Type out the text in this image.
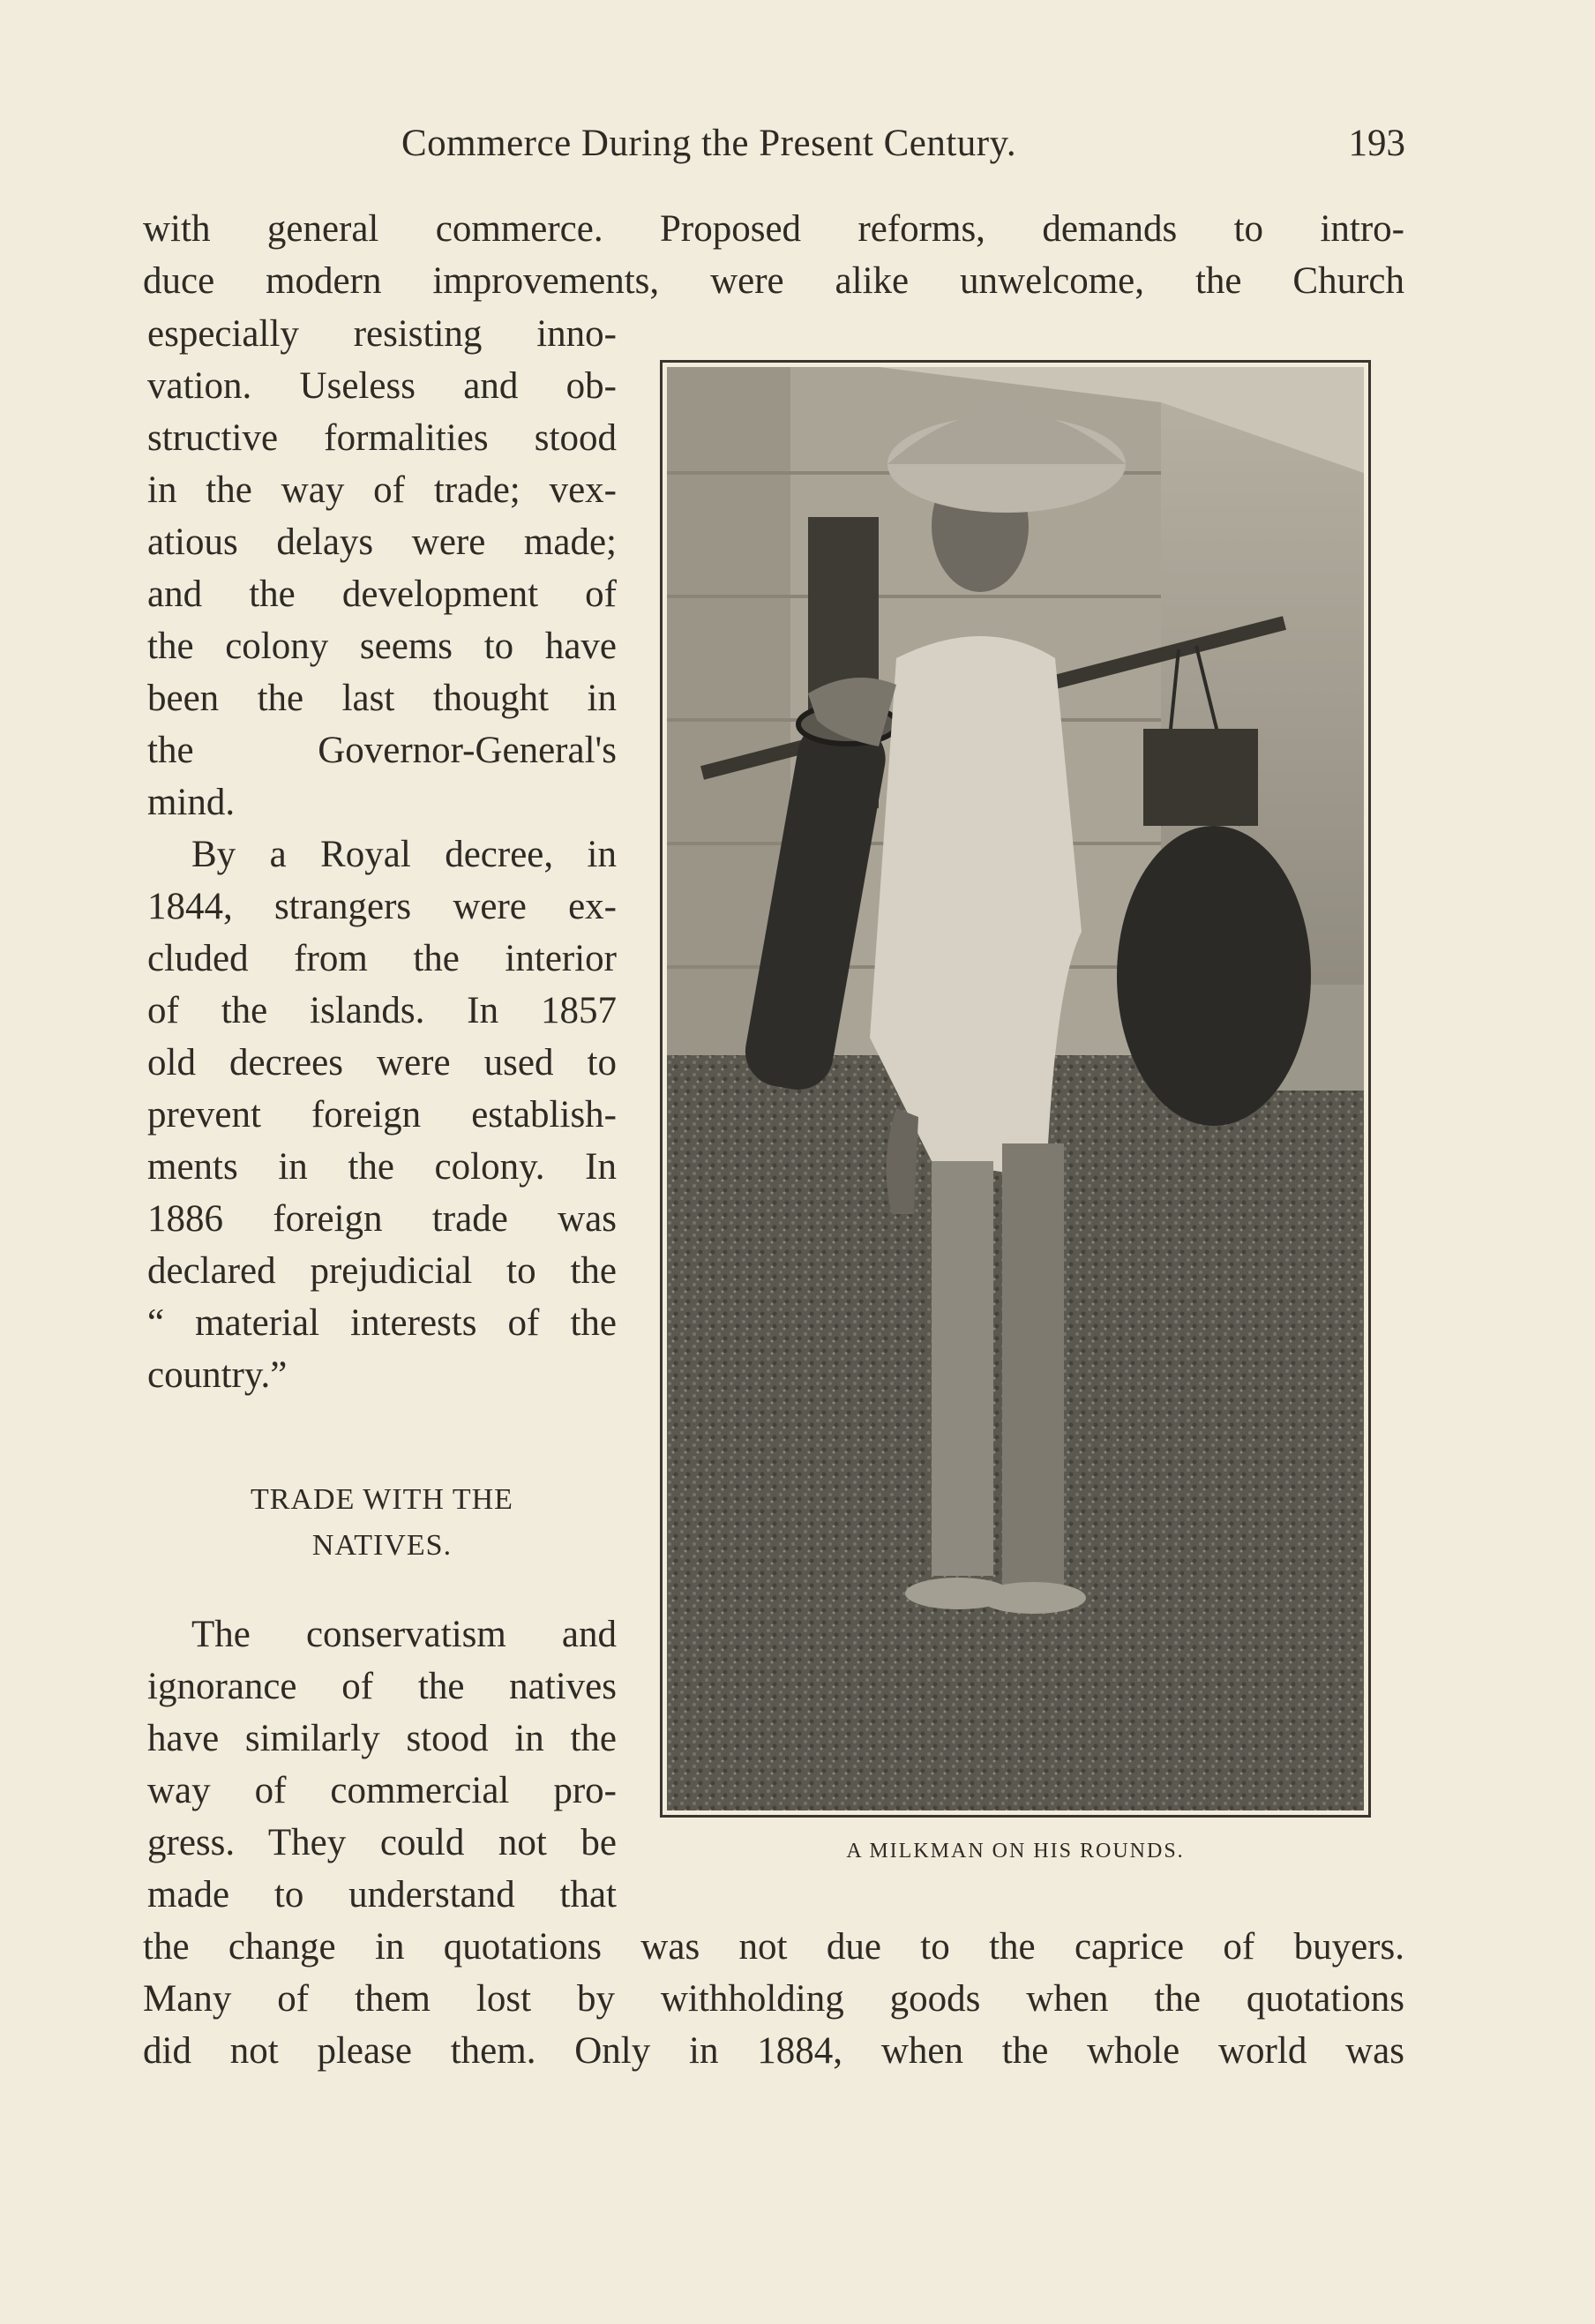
Commerce During the Present Century.	193
with general commerce. Proposed reforms, demands to intro-
duce modern improvements, were alike unwelcome, the Church
especially resisting inno-
vation. Useless and ob-
structive formalities stood
in the way of trade; vex-
atious delays were made;
and the development of
the colony seems to have
been the last thought in
the Governor-General's
mind.
By a Royal decree, in
1844, strangers were ex-
cluded from the interior
of the islands. In 1857
old decrees were used to
prevent foreign establish-
ments in the colony. In
1886 foreign trade was
declared prejudicial to the
“ material interests of the
country.”
TRADE WITH THE
NATIVES.
The conservatism and
ignorance of the natives
have similarly stood in the
way of commercial pro-
gress. They could not be
made to understand that
the change in quotations was not due to the caprice of buyers.
Many of them lost by withholding goods when the quotations
did not please them. Only in 1884, when the whole world was
A MILKMAN ON HIS ROUNDS.
